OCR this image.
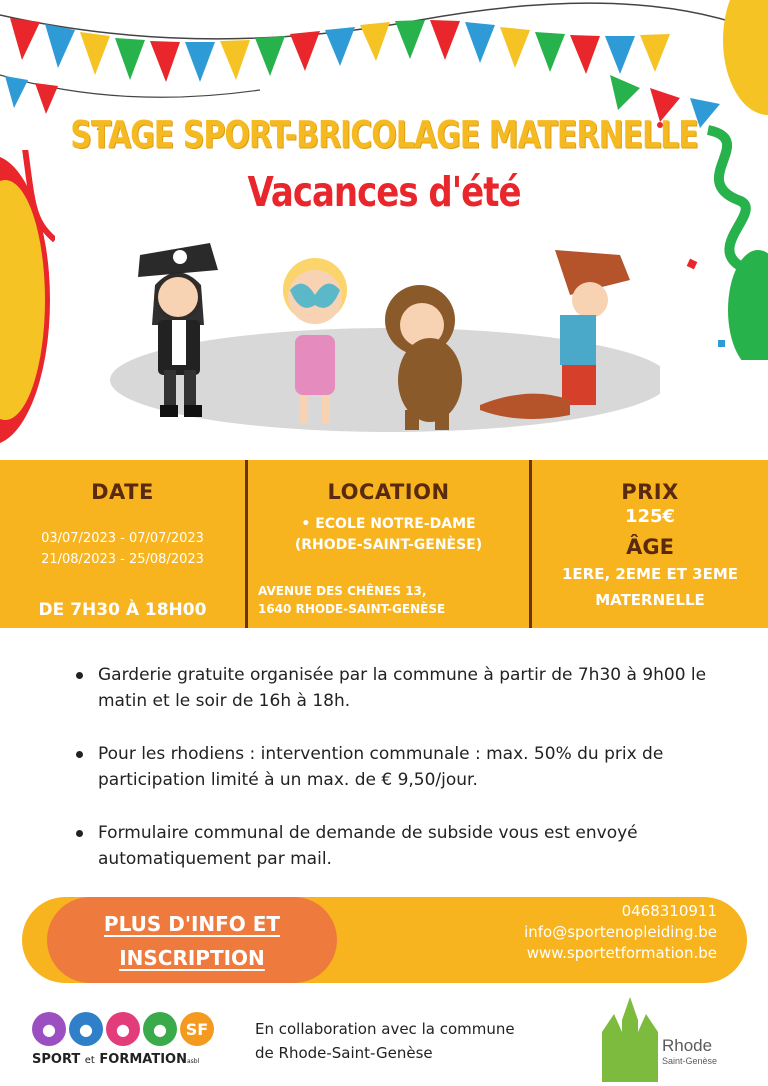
STAGE SPORT-BRICOLAGE MATERNELLE
Vacances d'été
DATE
03/07/2023 - 07/07/2023
21/08/2023 - 25/08/2023
DE 7H30 À 18H00
LOCATION
• ECOLE NOTRE-DAME
(RHODE-SAINT-GENÈSE)
AVENUE DES CHÊNES 13,
1640 RHODE-SAINT-GENÈSE
PRIX
125€
ÂGE
1ERE, 2EME ET 3EME
MATERNELLE
Garderie gratuite organisée par la commune à partir de 7h30 à 9h00 le matin et le soir de 16h à 18h.
Pour les rhodiens : intervention communale : max. 50% du prix de participation limité à un max. de € 9,50/jour.
Formulaire communal de demande de subside vous est envoyé automatiquement par mail.
PLUS D'INFO ET
INSCRIPTION
0468310911
info@sportenopleiding.be
www.sportetformation.be
●	●	●	●	SF
SPORT et FORMATIONasbl
En collaboration avec la commune
de Rhode-Saint-Genèse	Rhode
Saint-Genèse
